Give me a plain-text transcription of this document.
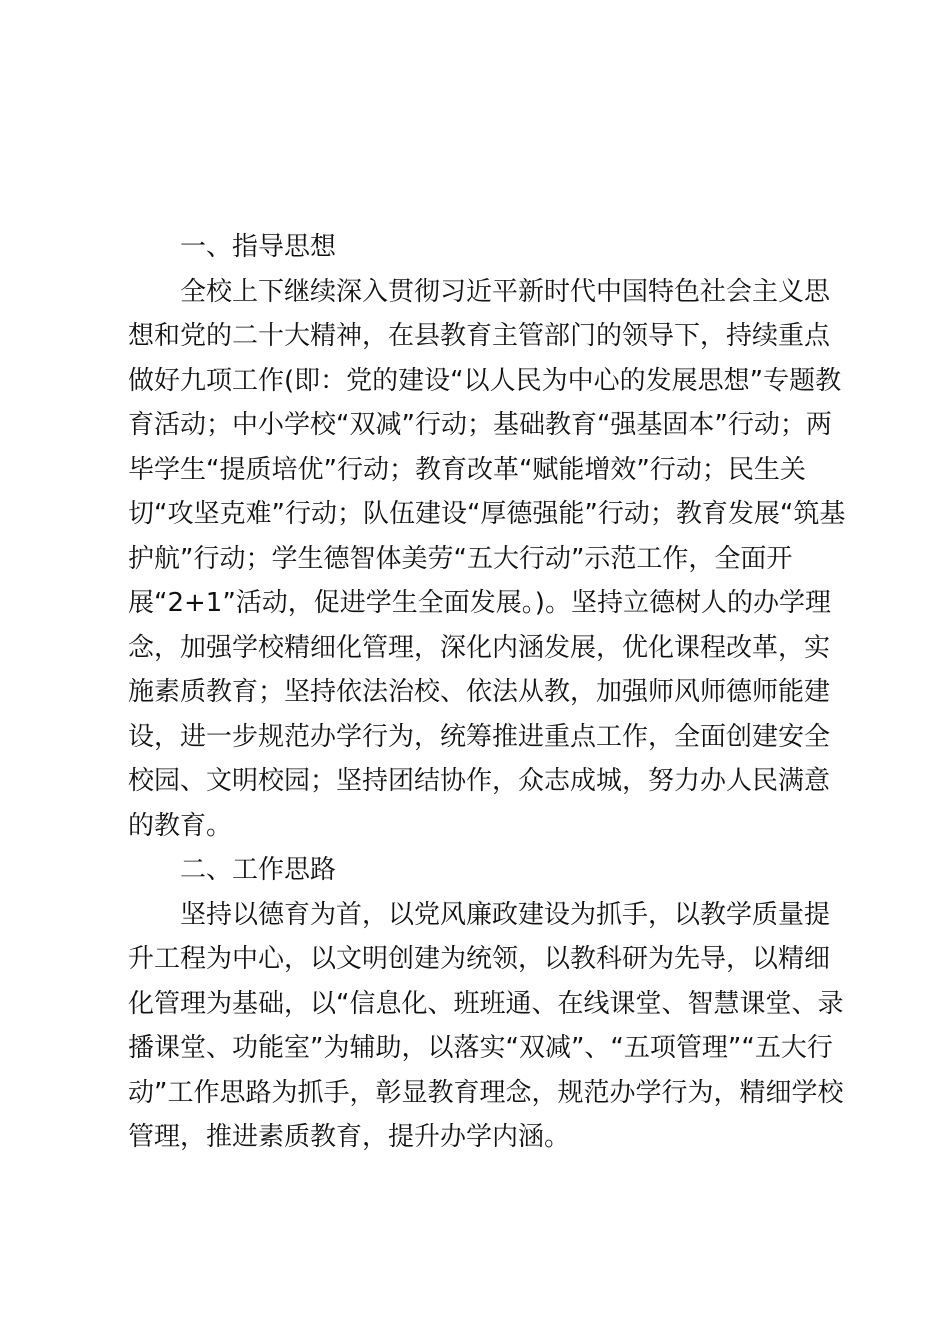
一、指导思想
全校上下继续深入贯彻习近平新时代中国特色社会主义思
想和党的二十大精神，在县教育主管部门的领导下，持续重点
做好九项工作(即：党的建设“以人民为中心的发展思想”专题教
育活动；中小学校“双减”行动；基础教育“强基固本”行动；两
毕学生“提质培优”行动；教育改革“赋能增效”行动；民生关
切“攻坚克难”行动；队伍建设“厚德强能”行动；教育发展“筑基
护航”行动；学生德智体美劳“五大行动”示范工作，全面开
展“2+1”活动，促进学生全面发展。)。坚持立德树人的办学理
念，加强学校精细化管理，深化内涵发展，优化课程改革，实
施素质教育；坚持依法治校、依法从教，加强师风师德师能建
设，进一步规范办学行为，统筹推进重点工作，全面创建安全
校园、文明校园；坚持团结协作，众志成城，努力办人民满意
的教育。
二、工作思路
坚持以德育为首，以党风廉政建设为抓手，以教学质量提
升工程为中心，以文明创建为统领，以教科研为先导，以精细
化管理为基础，以“信息化、班班通、在线课堂、智慧课堂、录
播课堂、功能室”为辅助，以落实“双减”、“五项管理”“五大行
动”工作思路为抓手，彰显教育理念，规范办学行为，精细学校
管理，推进素质教育，提升办学内涵。
